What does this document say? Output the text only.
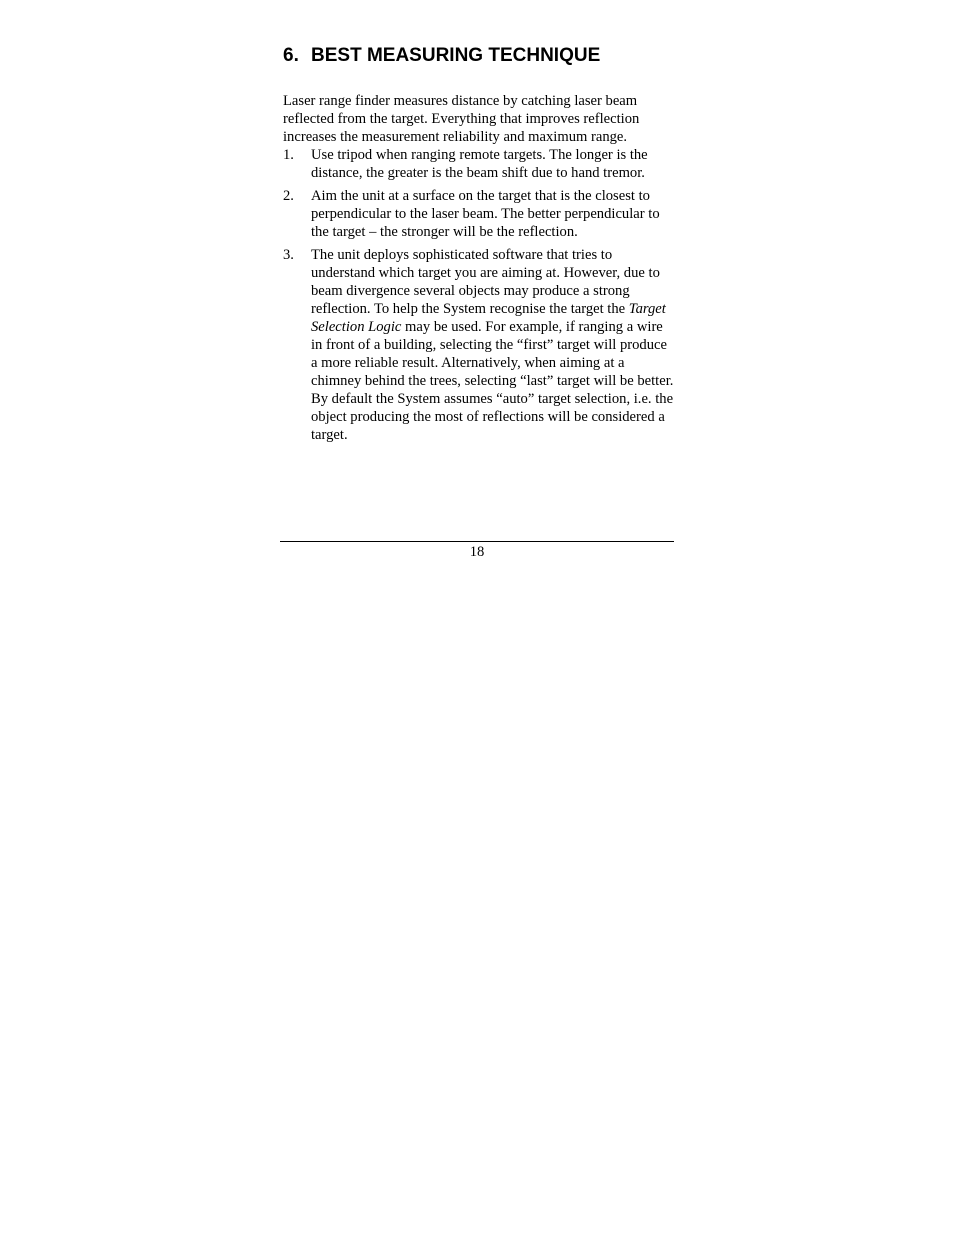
6. BEST MEASURING TECHNIQUE

Laser range finder measures distance by catching laser beam reflected from the target. Everything that improves reflection increases the measurement reliability and maximum range.

1. Use tripod when ranging remote targets. The longer is the distance, the greater is the beam shift due to hand tremor.
2. Aim the unit at a surface on the target that is the closest to perpendicular to the laser beam. The better perpendicular to the target – the stronger will be the reflection.
3. The unit deploys sophisticated software that tries to understand which target you are aiming at. However, due to beam divergence several objects may produce a strong reflection. To help the System recognise the target the Target Selection Logic may be used. For example, if ranging a wire in front of a building, selecting the “first” target will produce a more reliable result. Alternatively, when aiming at a chimney behind the trees, selecting “last” target will be better. By default the System assumes “auto” target selection, i.e. the object producing the most of reflections will be considered a target.
18
